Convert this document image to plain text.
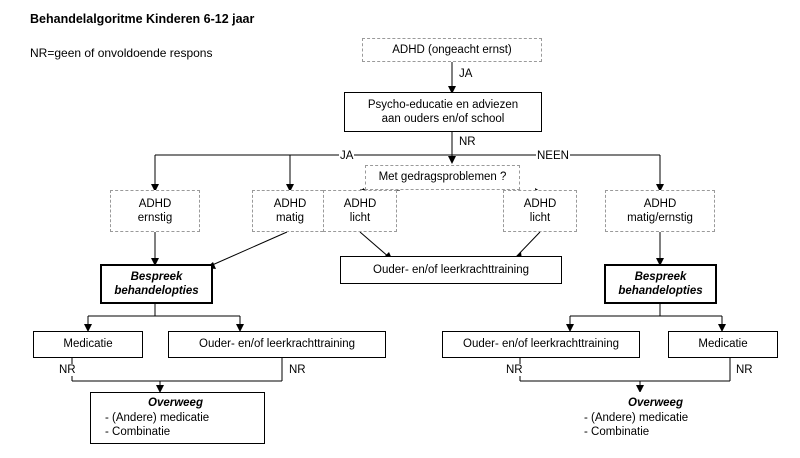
Behandelalgoritme Kinderen 6-12 jaar
NR=geen of onvoldoende respons	ADHD (ongeacht ernst)
JA
Psycho-educatie en adviezen
aan ouders en/of school
NR
JA	NEEN
Met gedragsproblemen ?
ADHD
ernstig
ADHD
matig
ADHD
licht
ADHD
licht
ADHD
matig/ernstig
Ouder- en/of leerkrachttraining
Bespreek
behandelopties
Bespreek
behandelopties
Medicatie	Ouder- en/of leerkrachttraining	Ouder- en/of leerkrachttraining	Medicatie
NR	NR	NR	NR
Overweeg
- (Andere) medicatie
- Combinatie
Overweeg
- (Andere) medicatie
- Combinatie
